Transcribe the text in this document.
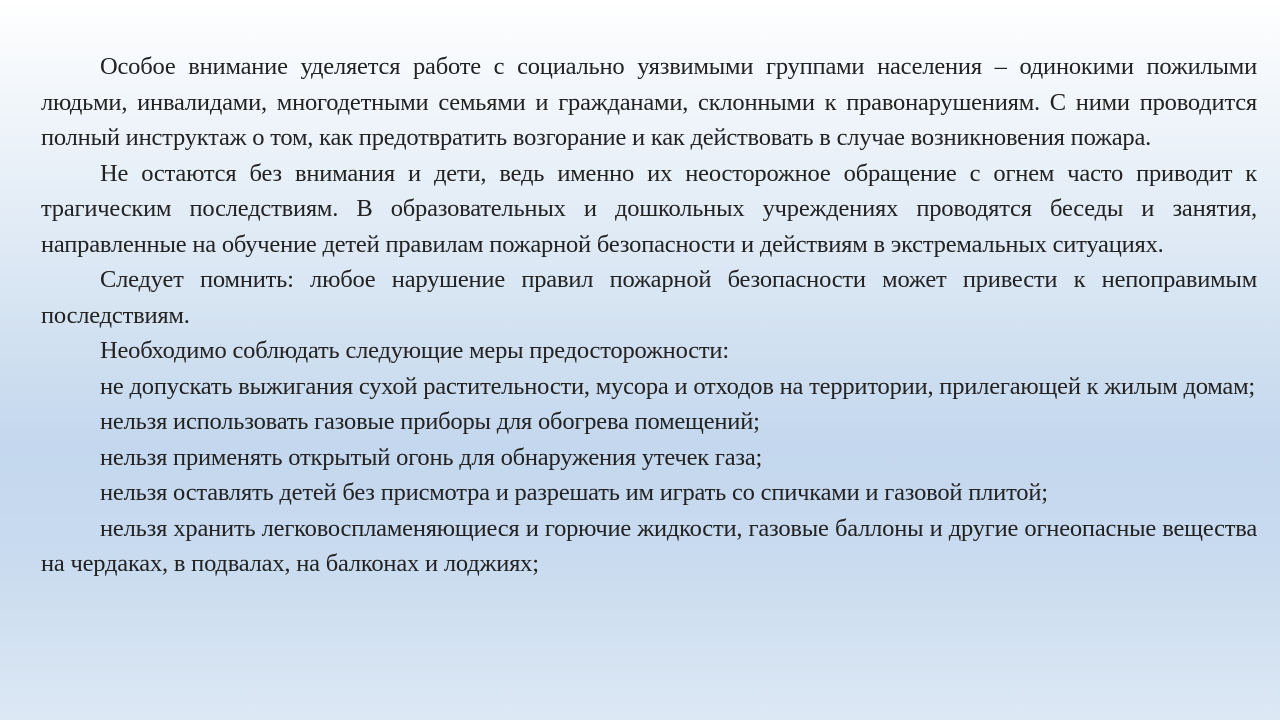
Особое внимание уделяется работе с социально уязвимыми группами населения – одинокими пожилыми людьми, инвалидами, многодетными семьями и гражданами, склонными к правонарушениям. С ними проводится полный инструктаж о том, как предотвратить возгорание и как действовать в случае возникновения пожара.

Не остаются без внимания и дети, ведь именно их неосторожное обращение с огнем часто приводит к трагическим последствиям. В образовательных и дошкольных учреждениях проводятся беседы и занятия, направленные на обучение детей правилам пожарной безопасности и действиям в экстремальных ситуациях.

Следует помнить: любое нарушение правил пожарной безопасности может привести к непоправимым последствиям.

Необходимо соблюдать следующие меры предосторожности:

не допускать выжигания сухой растительности, мусора и отходов на территории, прилегающей к жилым домам;

нельзя использовать газовые приборы для обогрева помещений;

нельзя применять открытый огонь для обнаружения утечек газа;

нельзя оставлять детей без присмотра и разрешать им играть со спичками и газовой плитой;

нельзя хранить легковоспламеняющиеся и горючие жидкости, газовые баллоны и другие огнеопасные вещества на чердаках, в подвалах, на балконах и лоджиях;
